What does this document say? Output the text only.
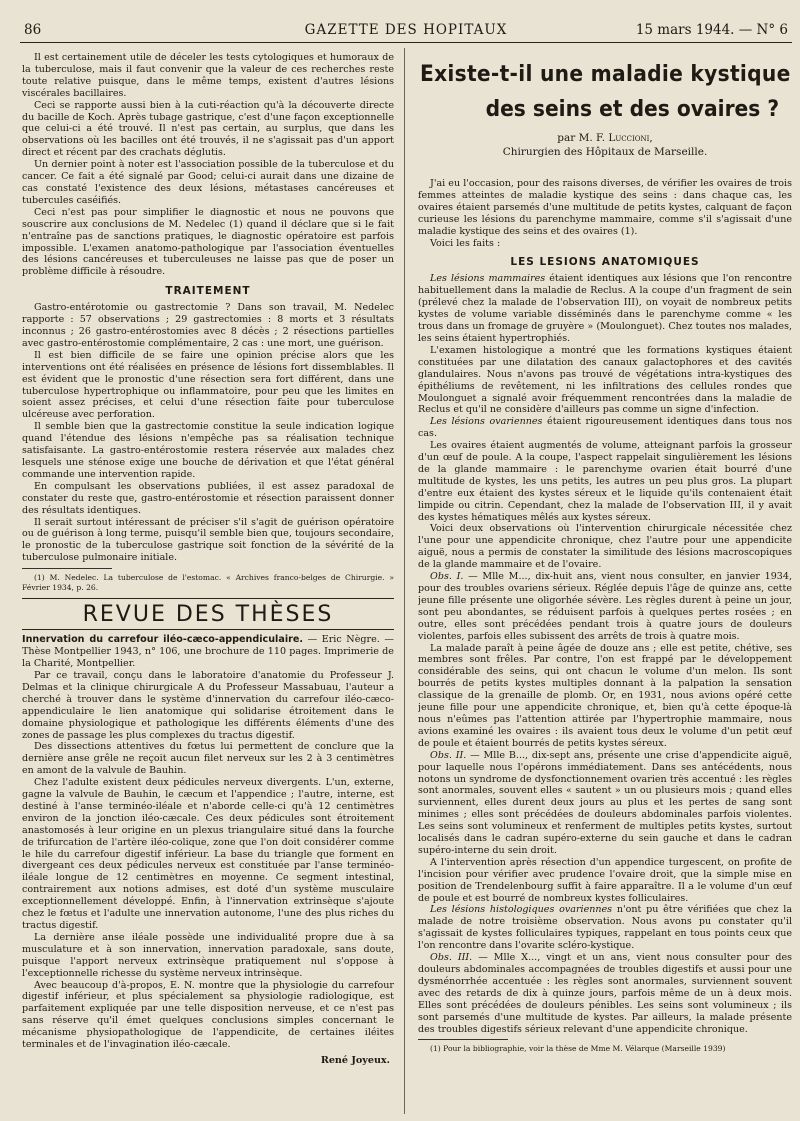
86	GAZETTE DES HOPITAUX	15 mars 1944. — N° 6

Il est certainement utile de déceler les tests cytologiques et humoraux de la tuberculose, mais il faut convenir que la valeur de ces recherches reste toute relative puisque, dans le même temps, existent d'autres lésions viscérales bacillaires.

Ceci se rapporte aussi bien à la cuti-réaction qu'à la découverte directe du bacille de Koch. Après tubage gastrique, c'est d'une façon exceptionnelle que celui-ci a été trouvé. Il n'est pas certain, au surplus, que dans les observations où les bacilles ont été trouvés, il ne s'agissait pas d'un apport direct et récent par des crachats déglutis.

Un dernier point à noter est l'association possible de la tuberculose et du cancer. Ce fait a été signalé par Good; celui-ci aurait dans une dizaine de cas constaté l'existence des deux lésions, métastases cancéreuses et tubercules caséifiés.

Ceci n'est pas pour simplifier le diagnostic et nous ne pouvons que souscrire aux conclusions de M. Nedelec (1) quand il déclare que si le fait n'entraîne pas de sanctions pratiques, le diagnostic opératoire est parfois impossible. L'examen anatomo-pathologique par l'association éventuelles des lésions cancéreuses et tuberculeuses ne laisse pas que de poser un problème difficile à résoudre.

TRAITEMENT

Gastro-entérotomie ou gastrectomie ? Dans son travail, M. Nedelec rapporte : 57 observations ; 29 gastrectomies : 8 morts et 3 résultats inconnus ; 26 gastro-entérostomies avec 8 décès ; 2 résections partielles avec gastro-entérostomie complémentaire, 2 cas : une mort, une guérison.

Il est bien difficile de se faire une opinion précise alors que les interventions ont été réalisées en présence de lésions fort dissemblables. Il est évident que le pronostic d'une résection sera fort différent, dans une tuberculose hypertrophique ou inflammatoire, pour peu que les limites en soient assez précises, et celui d'une résection faite pour tuberculose ulcéreuse avec perforation.

Il semble bien que la gastrectomie constitue la seule indication logique quand l'étendue des lésions n'empêche pas sa réalisation technique satisfaisante. La gastro-entérostomie restera réservée aux malades chez lesquels une sténose exige une bouche de dérivation et que l'état général commande une intervention rapide.

En compulsant les observations publiées, il est assez paradoxal de constater du reste que, gastro-entérostomie et résection paraissent donner des résultats identiques.

Il serait surtout intéressant de préciser s'il s'agit de guérison opératoire ou de guérison à long terme, puisqu'il semble bien que, toujours secondaire, le pronostic de la tuberculose gastrique soit fonction de la sévérité de la tuberculose pulmonaire initiale.

(1) M. Nedelec. La tuberculose de l'estomac. « Archives franco-belges de Chirurgie. » Février 1934, p. 26.

REVUE DES THÈSES

Innervation du carrefour iléo-cæco-appendiculaire. — Eric Nègre. — Thèse Montpellier 1943, n° 106, une brochure de 110 pages. Imprimerie de la Charité, Montpellier.

Par ce travail, conçu dans le laboratoire d'anatomie du Professeur J. Delmas et la clinique chirurgicale A du Professeur Massabuau, l'auteur a cherché à trouver dans le système d'innervation du carrefour iléo-cæco-appendiculaire le lien anatomique qui solidarise étroitement dans le domaine physiologique et pathologique les différents éléments d'une des zones de passage les plus complexes du tractus digestif.

Des dissections attentives du fœtus lui permettent de conclure que la dernière anse grêle ne reçoit aucun filet nerveux sur les 2 à 3 centimètres en amont de la valvule de Bauhin.

Chez l'adulte existent deux pédicules nerveux divergents. L'un, externe, gagne la valvule de Bauhin, le cæcum et l'appendice ; l'autre, interne, est destiné à l'anse terminéo-iléale et n'aborde celle-ci qu'à 12 centimètres environ de la jonction iléo-cæcale. Ces deux pédicules sont étroitement anastomosés à leur origine en un plexus triangulaire situé dans la fourche de trifurcation de l'artère iléo-colique, zone que l'on doit considérer comme le hile du carrefour digestif inférieur. La base du triangle que forment en divergeant ces deux pédicules nerveux est constituée par l'anse terminéo-iléale longue de 12 centimètres en moyenne. Ce segment intestinal, contrairement aux notions admises, est doté d'un système musculaire exceptionnellement développé. Enfin, à l'innervation extrinsèque s'ajoute chez le fœtus et l'adulte une innervation autonome, l'une des plus riches du tractus digestif.

La dernière anse iléale possède une individualité propre due à sa musculature et à son innervation, innervation paradoxale, sans doute, puisque l'apport nerveux extrinsèque pratiquement nul s'oppose à l'exceptionnelle richesse du système nerveux intrinsèque.

Avec beaucoup d'à-propos, E. N. montre que la physiologie du carrefour digestif inférieur, et plus spécialement sa physiologie radiologique, est parfaitement expliquée par une telle disposition nerveuse, et ce n'est pas sans réserve qu'il émet quelques conclusions simples concernant le mécanisme physiopathologique de l'appendicite, de certaines iléites terminales et de l'invagination iléo-cæcale.

René Joyeux.
Existe-t-il une maladie kystique
des seins et des ovaires ?
par M. F. Luccioni,
Chirurgien des Hôpitaux de Marseille.

J'ai eu l'occasion, pour des raisons diverses, de vérifier les ovaires de trois femmes atteintes de maladie kystique des seins : dans chaque cas, les ovaires étaient parsemés d'une multitude de petits kystes, calquant de façon curieuse les lésions du parenchyme mammaire, comme s'il s'agissait d'une maladie kystique des seins et des ovaires (1).

Voici les faits :

LES LESIONS ANATOMIQUES

Les lésions mammaires étaient identiques aux lésions que l'on rencontre habituellement dans la maladie de Reclus. A la coupe d'un fragment de sein (prélevé chez la malade de l'observation III), on voyait de nombreux petits kystes de volume variable disséminés dans le parenchyme comme « les trous dans un fromage de gruyère » (Moulonguet). Chez toutes nos malades, les seins étaient hypertrophiés.

L'examen histologique a montré que les formations kystiques étaient constituées par une dilatation des canaux galactophores et des cavités glandulaires. Nous n'avons pas trouvé de végétations intra-kystiques des épithéliums de revêtement, ni les infiltrations des cellules rondes que Moulonguet a signalé avoir fréquemment rencontrées dans la maladie de Reclus et qu'il ne considère d'ailleurs pas comme un signe d'infection.

Les lésions ovariennes étaient rigoureusement identiques dans tous nos cas.

Les ovaires étaient augmentés de volume, atteignant parfois la grosseur d'un œuf de poule. A la coupe, l'aspect rappelait singulièrement les lésions de la glande mammaire : le parenchyme ovarien était bourré d'une multitude de kystes, les uns petits, les autres un peu plus gros. La plupart d'entre eux étaient des kystes séreux et le liquide qu'ils contenaient était limpide ou citrin. Cependant, chez la malade de l'observation III, il y avait des kystes hématiques mêlés aux kystes séreux.

Voici deux observations où l'intervention chirurgicale nécessitée chez l'une pour une appendicite chronique, chez l'autre pour une appendicite aiguë, nous a permis de constater la similitude des lésions macroscopiques de la glande mammaire et de l'ovaire.

Obs. I. — Mlle M..., dix-huit ans, vient nous consulter, en janvier 1934, pour des troubles ovariens sérieux. Réglée depuis l'âge de quinze ans, cette jeune fille présente une oligorhée sévère. Les règles durent à peine un jour, sont peu abondantes, se réduisent parfois à quelques pertes rosées ; en outre, elles sont précédées pendant trois à quatre jours de douleurs violentes, parfois elles subissent des arrêts de trois à quatre mois.

La malade paraît à peine âgée de douze ans ; elle est petite, chétive, ses membres sont frêles. Par contre, l'on est frappé par le développement considérable des seins, qui ont chacun le volume d'un melon. Ils sont bourrés de petits kystes multiples donnant à la palpation la sensation classique de la grenaille de plomb. Or, en 1931, nous avions opéré cette jeune fille pour une appendicite chronique, et, bien qu'à cette époque-là nous n'eûmes pas l'attention attirée par l'hypertrophie mammaire, nous avions examiné les ovaires : ils avaient tous deux le volume d'un petit œuf de poule et étaient bourrés de petits kystes séreux.

Obs. II. — Mlle B..., dix-sept ans, présente une crise d'appendicite aiguë, pour laquelle nous l'opérons immédiatement. Dans ses antécédents, nous notons un syndrome de dysfonctionnement ovarien très accentué : les règles sont anormales, souvent elles « sautent » un ou plusieurs mois ; quand elles surviennent, elles durent deux jours au plus et les pertes de sang sont minimes ; elles sont précédées de douleurs abdominales parfois violentes. Les seins sont volumineux et renferment de multiples petits kystes, surtout localisés dans le cadran supéro-externe du sein gauche et dans le cadran supéro-interne du sein droit.

A l'intervention après résection d'un appendice turgescent, on profite de l'incision pour vérifier avec prudence l'ovaire droit, que la simple mise en position de Trendelenbourg suffit à faire apparaître. Il a le volume d'un œuf de poule et est bourré de nombreux kystes folliculaires.

Les lésions histologiques ovariennes n'ont pu être vérifiées que chez la malade de notre troisième observation. Nous avons pu constater qu'il s'agissait de kystes folliculaires typiques, rappelant en tous points ceux que l'on rencontre dans l'ovarite scléro-kystique.

Obs. III. — Mlle X..., vingt et un ans, vient nous consulter pour des douleurs abdominales accompagnées de troubles digestifs et aussi pour une dysménorrhée accentuée : les règles sont anormales, surviennent souvent avec des retards de dix à quinze jours, parfois même de un à deux mois. Elles sont précédées de douleurs pénibles. Les seins sont volumineux ; ils sont parsemés d'une multitude de kystes. Par ailleurs, la malade présente des troubles digestifs sérieux relevant d'une appendicite chronique.

(1) Pour la bibliographie, voir la thèse de Mme M. Vélarque (Marseille 1939)
